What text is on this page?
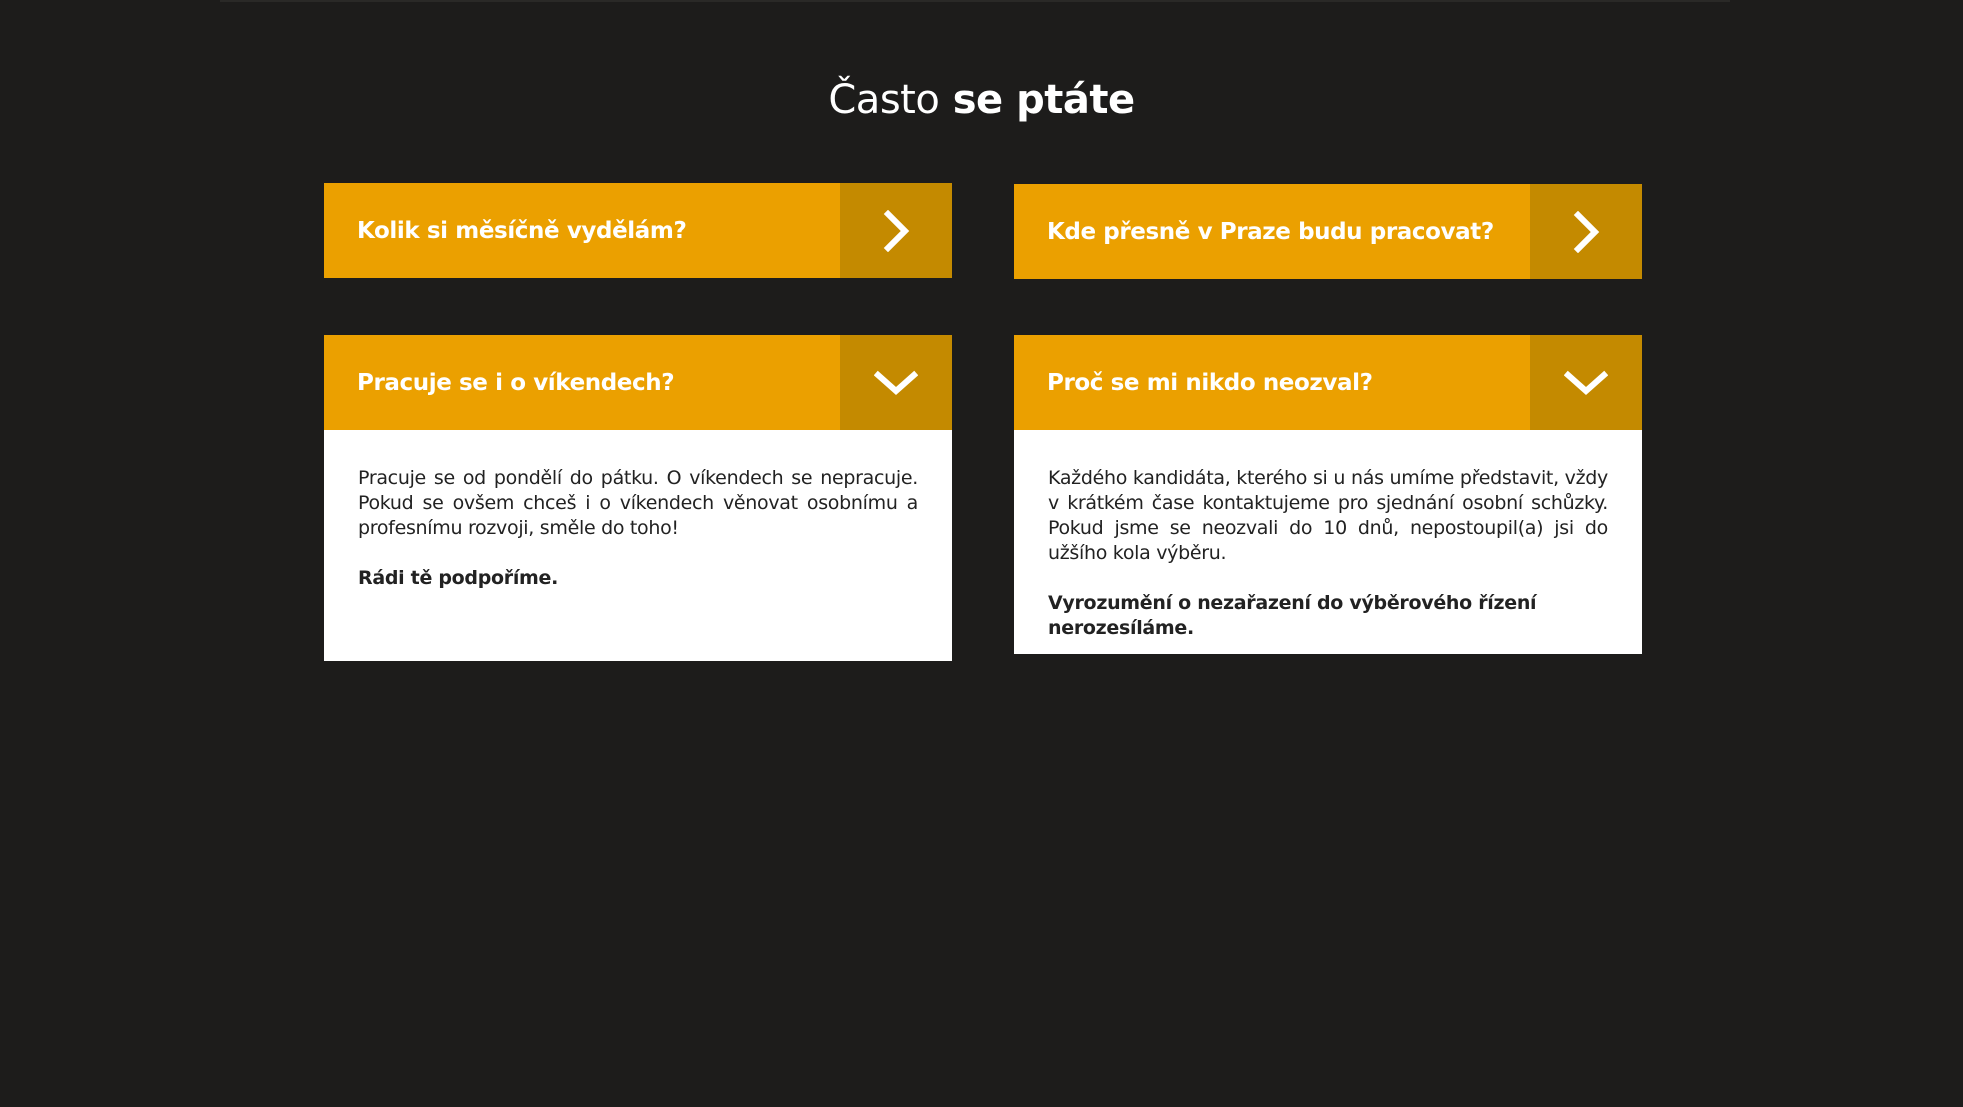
Často se ptáte
Kolik si měsíčně vydělám?	Kde přesně v Praze budu pracovat?
Pracuje se i o víkendech?

Pracuje se od pondělí do pátku. O víkendech se nepracuje. Pokud se ovšem chceš i o víkendech věnovat osobnímu a profesnímu rozvoji, směle do toho!

Rádi tě podpoříme.

Proč se mi nikdo neozval?

Každého kandidáta, kterého si u nás umíme představit, vždy v krátkém čase kontaktujeme pro sjednání osobní schůzky. Pokud jsme se neozvali do 10 dnů, nepostoupil(a) jsi do užšího kola výběru.

Vyrozumění o nezařazení do výběrového řízení nerozesíláme.
